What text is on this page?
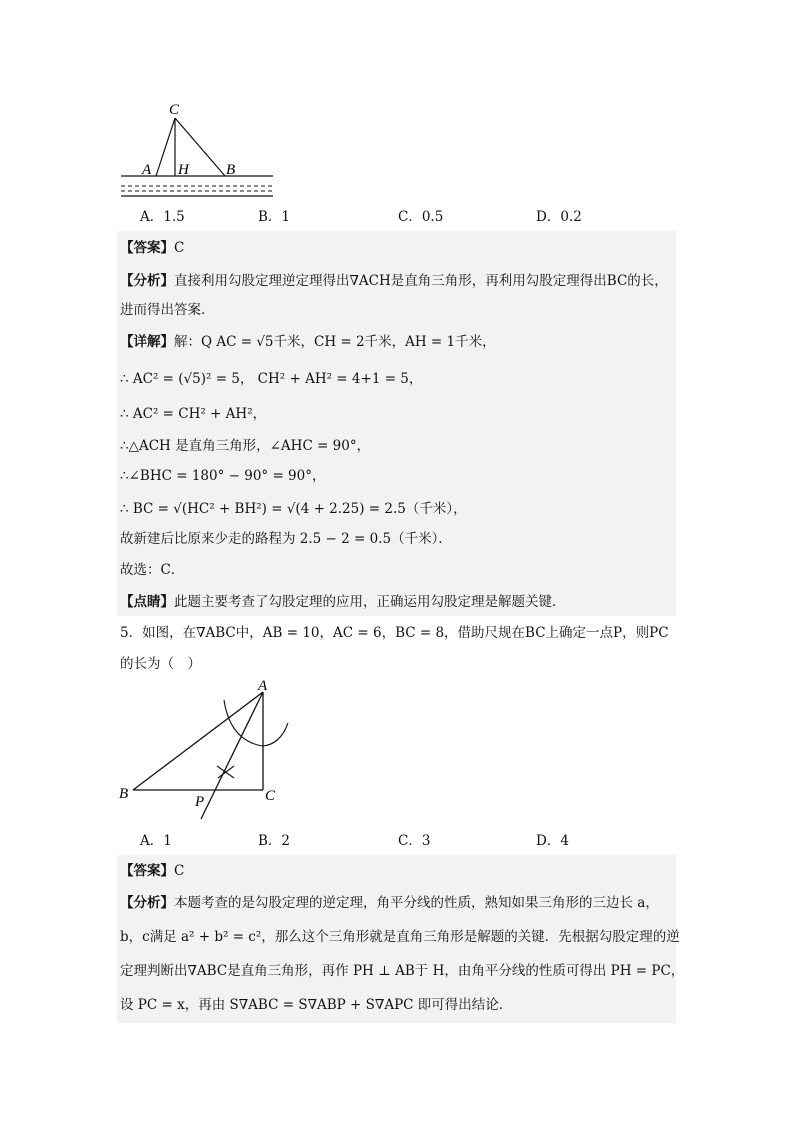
C
A H B
A．1.5	B．1	C．0.5	D．0.2
【答案】C
【分析】直接利用勾股定理逆定理得出∇ACH是直角三角形，再利用勾股定理得出BC的长，
进而得出答案．
【详解】解：Q AC = √5千米，CH = 2千米，AH = 1千米，
∴ AC² = (√5)² = 5， CH² + AH² = 4+1 = 5，
∴ AC² = CH² + AH²，
∴△ACH 是直角三角形，∠AHC = 90°，
∴∠BHC = 180° − 90° = 90°，
∴ BC = √(HC² + BH²) = √(4 + 2.25) = 2.5（千米），
故新建后比原来少走的路程为 2.5 − 2 = 0.5（千米）．
故选：C．
【点睛】此题主要考查了勾股定理的应用，正确运用勾股定理是解题关键．
5．如图，在∇ABC中，AB = 10，AC = 6，BC = 8，借助尺规在BC上确定一点P，则PC
的长为（　）
A
B	C
P
A．1	B．2	C．3	D．4
【答案】C
【分析】本题考查的是勾股定理的逆定理，角平分线的性质，熟知如果三角形的三边长 a，
b，c满足 a² + b² = c²，那么这个三角形就是直角三角形是解题的关键．先根据勾股定理的逆
定理判断出∇ABC是直角三角形，再作 PH ⊥ AB于 H，由角平分线的性质可得出 PH = PC，
设 PC = x，再由 S∇ABC = S∇ABP + S∇APC 即可得出结论．
